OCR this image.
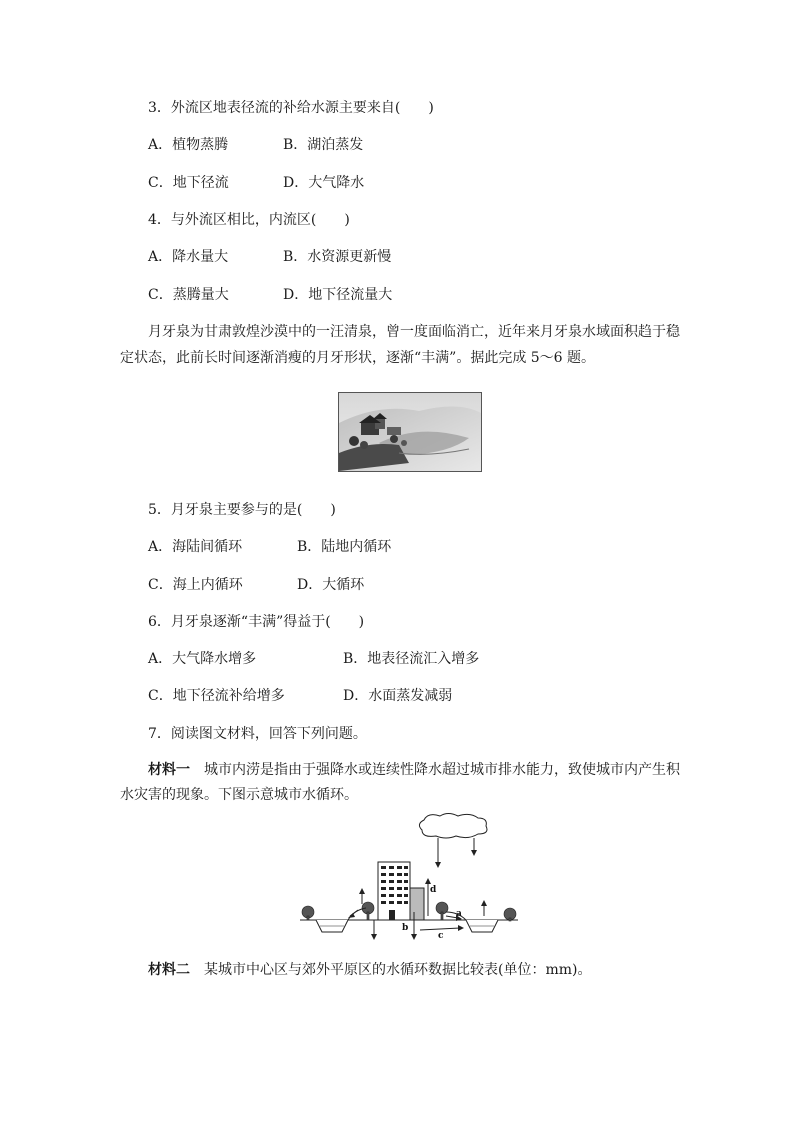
3．外流区地表径流的补给水源主要来自(　　)
A．植物蒸腾	B．湖泊蒸发
C．地下径流	D．大气降水
4．与外流区相比，内流区(　　)
A．降水量大	B．水资源更新慢
C．蒸腾量大	D．地下径流量大
月牙泉为甘肃敦煌沙漠中的一汪清泉，曾一度面临消亡，近年来月牙泉水域面积趋于稳
定状态，此前长时间逐渐消瘦的月牙形状，逐渐“丰满”。据此完成 5～6 题。
5．月牙泉主要参与的是(　　)
A．海陆间循环	B．陆地内循环
C．海上内循环	D．大循环
6．月牙泉逐渐“丰满”得益于(　　)
A．大气降水增多	B．地表径流汇入增多
C．地下径流补给增多	D．水面蒸发减弱
7．阅读图文材料，回答下列问题。
材料一　 城市内涝是指由于强降水或连续性降水超过城市排水能力，致使城市内产生积
水灾害的现象。下图示意城市水循环。
a
b
c
d
材料二　 某城市中心区与郊外平原区的水循环数据比较表(单位：mm)。
